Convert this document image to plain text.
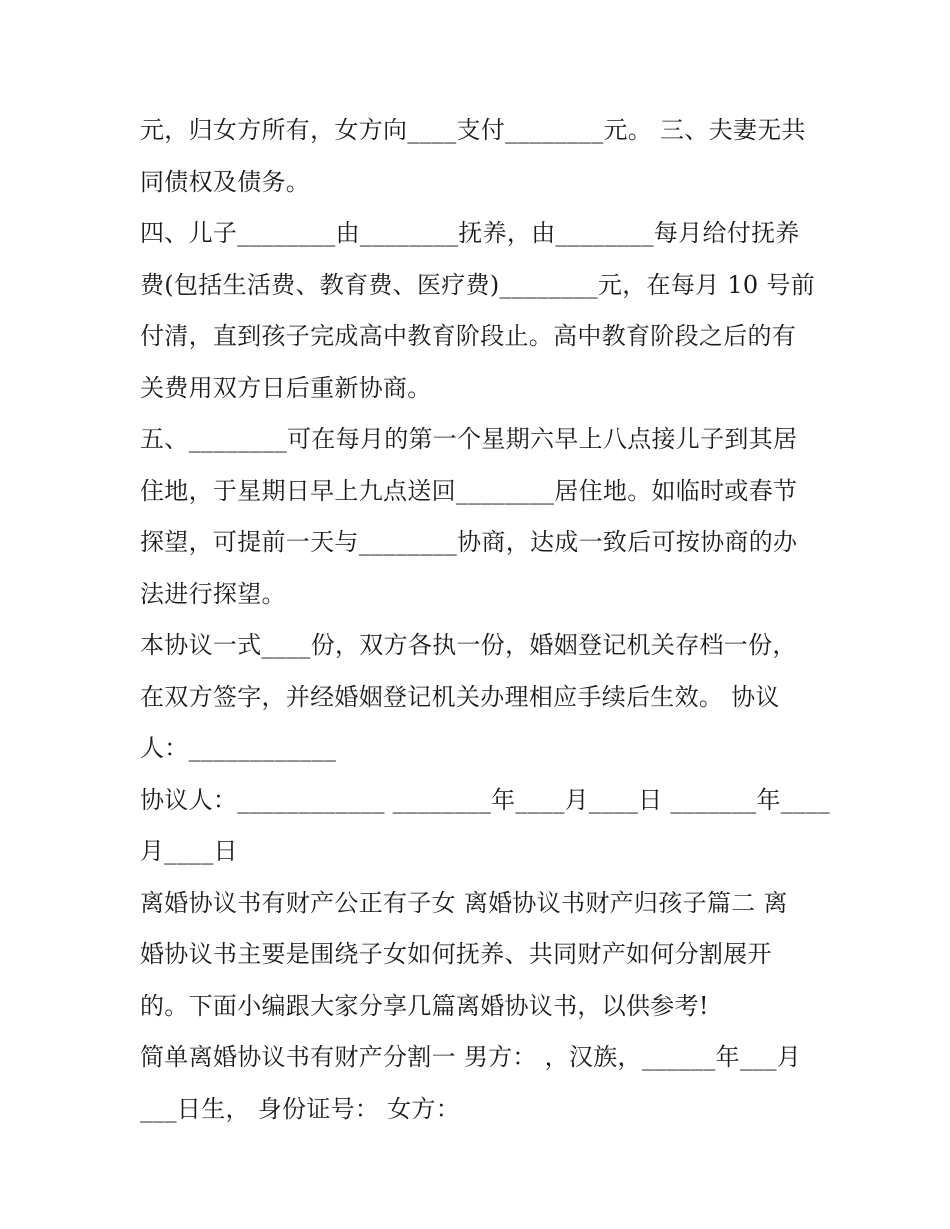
元，归女方所有，女方向____支付________元。 三、夫妻无共
同债权及债务。
四、儿子________由________抚养，由________每月给付抚养
费(包括生活费、教育费、医疗费)________元，在每月 10 号前
付清，直到孩子完成高中教育阶段止。高中教育阶段之后的有
关费用双方日后重新协商。
五、________可在每月的第一个星期六早上八点接儿子到其居
住地，于星期日早上九点送回________居住地。如临时或春节
探望，可提前一天与________协商，达成一致后可按协商的办
法进行探望。
本协议一式____份，双方各执一份，婚姻登记机关存档一份，
在双方签字，并经婚姻登记机关办理相应手续后生效。 协议
人：____________
协议人：____________ ________年____月____日 _______年____
月____日
离婚协议书有财产公正有子女 离婚协议书财产归孩子篇二 离
婚协议书主要是围绕子女如何抚养、共同财产如何分割展开
的。下面小编跟大家分享几篇离婚协议书，以供参考!
简单离婚协议书有财产分割一 男方： ，汉族，______年___月
___日生， 身份证号： 女方：
